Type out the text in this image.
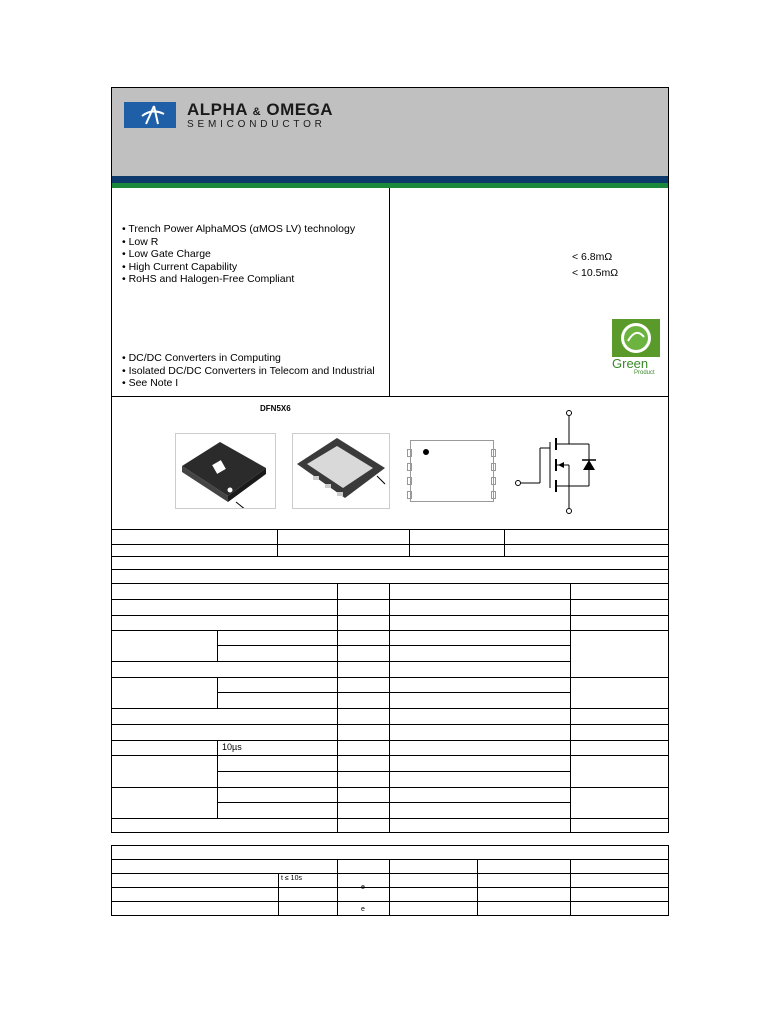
ALPHA & OMEGA
SEMICONDUCTOR
• Trench Power AlphaMOS (αMOS LV) technology
• Low R
• Low Gate Charge
• High Current Capability
• RoHS and Halogen-Free Compliant
• DC/DC Converters in Computing
• Isolated DC/DC Converters in Telecom and Industrial
• See Note I
< 6.8mΩ
< 10.5mΩ
Green
Product
DFN5X6
10µs
t ≤ 10s
e
e
